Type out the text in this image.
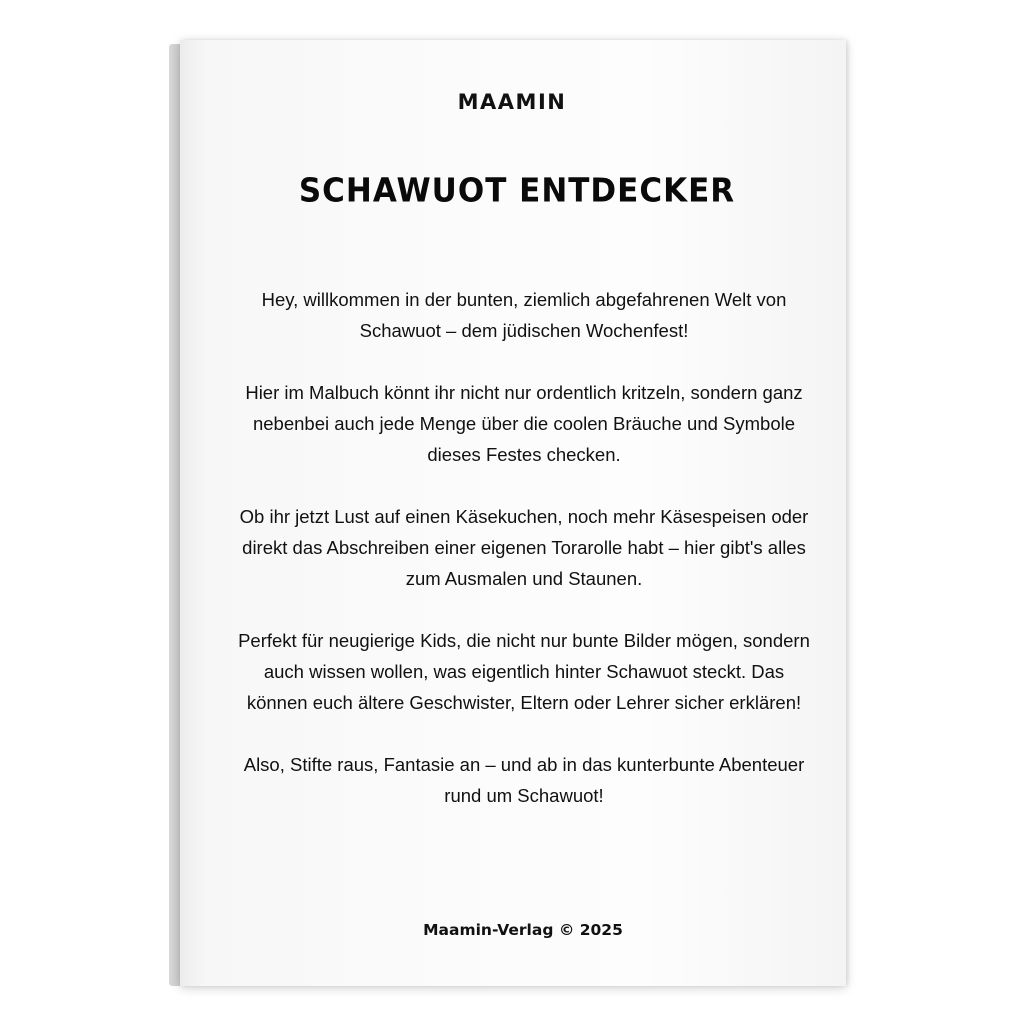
MAAMIN
SCHAWUOT ENTDECKER

Hey, willkommen in der bunten, ziemlich abgefahrenen Welt von Schawuot – dem jüdischen Wochenfest!

Hier im Malbuch könnt ihr nicht nur ordentlich kritzeln, sondern ganz nebenbei auch jede Menge über die coolen Bräuche und Symbole dieses Festes checken.

Ob ihr jetzt Lust auf einen Käsekuchen, noch mehr Käsespeisen oder direkt das Abschreiben einer eigenen Torarolle habt – hier gibt's alles zum Ausmalen und Staunen.

Perfekt für neugierige Kids, die nicht nur bunte Bilder mögen, sondern auch wissen wollen, was eigentlich hinter Schawuot steckt. Das können euch ältere Geschwister, Eltern oder Lehrer sicher erklären!

Also, Stifte raus, Fantasie an – und ab in das kunterbunte Abenteuer rund um Schawuot!

Maamin-Verlag © 2025
